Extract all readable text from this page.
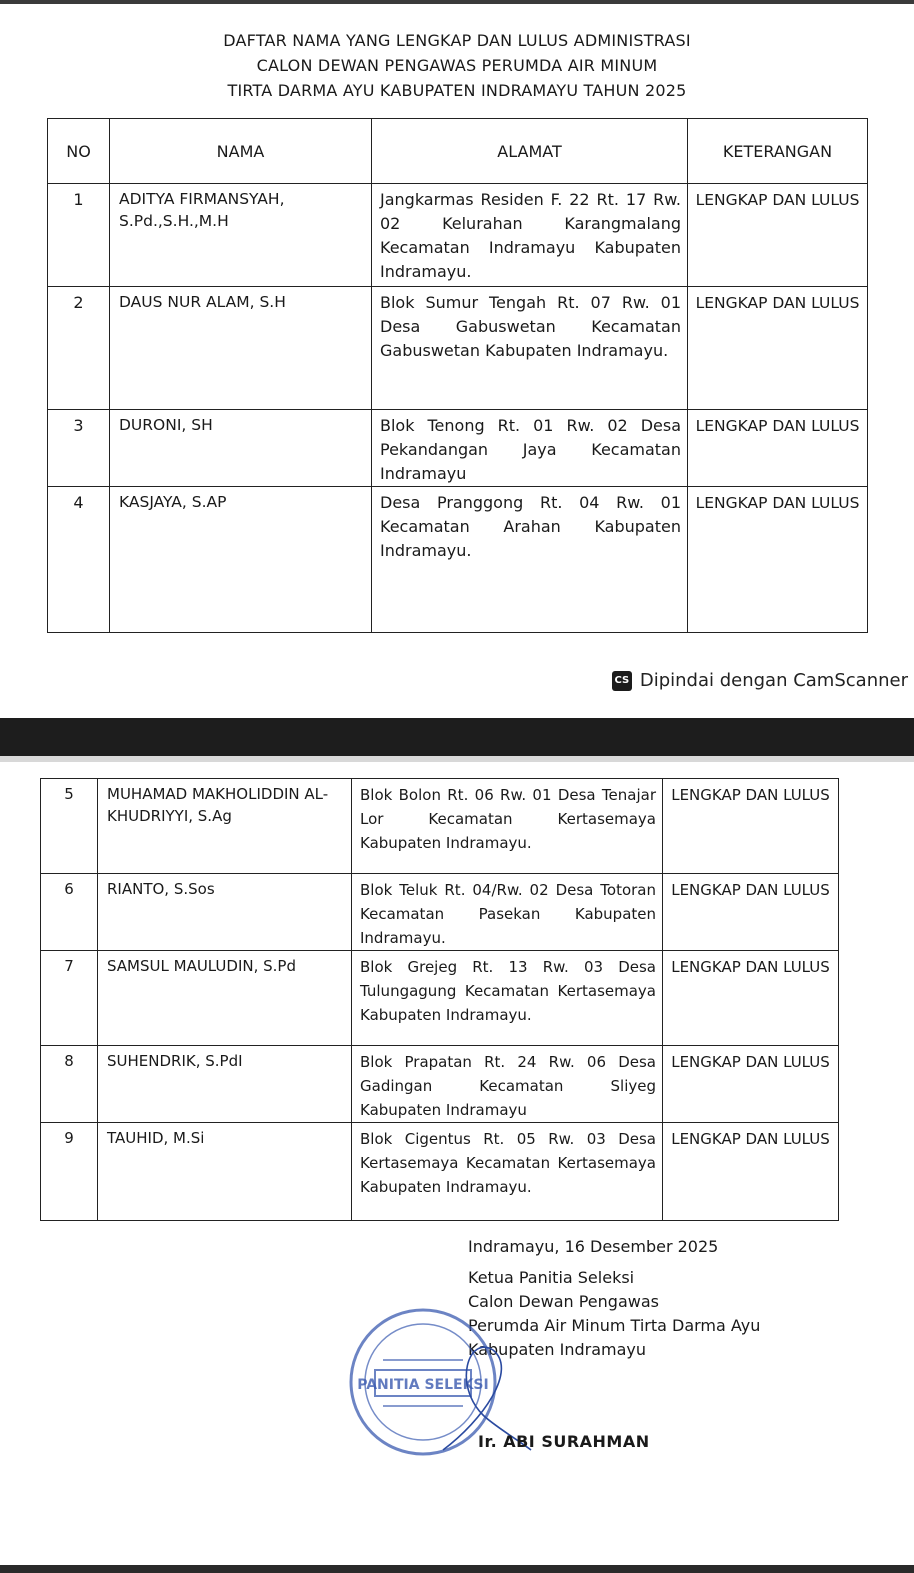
DAFTAR NAMA YANG LENGKAP DAN LULUS ADMINISTRASI
CALON DEWAN PENGAWAS PERUMDA AIR MINUM
TIRTA DARMA AYU KABUPATEN INDRAMAYU TAHUN 2025
NO	NAMA	ALAMAT	KETERANGAN
1	ADITYA FIRMANSYAH, S.Pd.,S.H.,M.H	Jangkarmas Residen F. 22 Rt. 17 Rw. 02 Kelurahan Karangmalang Kecamatan Indramayu Kabupaten Indramayu.	LENGKAP DAN LULUS
2	DAUS NUR ALAM, S.H	Blok Sumur Tengah Rt. 07 Rw. 01 Desa Gabuswetan Kecamatan Gabuswetan Kabupaten Indramayu.	LENGKAP DAN LULUS
3	DURONI, SH	Blok Tenong Rt. 01 Rw. 02 Desa Pekandangan Jaya Kecamatan Indramayu	LENGKAP DAN LULUS
4	KASJAYA, S.AP	Desa Pranggong Rt. 04 Rw. 01 Kecamatan Arahan Kabupaten Indramayu.	LENGKAP DAN LULUS
CS Dipindai dengan CamScanner
5	MUHAMAD MAKHOLIDDIN AL-KHUDRIYYI, S.Ag	Blok Bolon Rt. 06 Rw. 01 Desa Tenajar Lor Kecamatan Kertasemaya Kabupaten Indramayu.	LENGKAP DAN LULUS
6	RIANTO, S.Sos	Blok Teluk Rt. 04/Rw. 02 Desa Totoran Kecamatan Pasekan Kabupaten Indramayu.	LENGKAP DAN LULUS
7	SAMSUL MAULUDIN, S.Pd	Blok Grejeg Rt. 13 Rw. 03 Desa Tulungagung Kecamatan Kertasemaya Kabupaten Indramayu.	LENGKAP DAN LULUS
8	SUHENDRIK, S.PdI	Blok Prapatan Rt. 24 Rw. 06 Desa Gadingan Kecamatan Sliyeg Kabupaten Indramayu	LENGKAP DAN LULUS
9	TAUHID, M.Si	Blok Cigentus Rt. 05 Rw. 03 Desa Kertasemaya Kecamatan Kertasemaya Kabupaten Indramayu.	LENGKAP DAN LULUS
Indramayu, 16 Desember 2025
Ketua Panitia Seleksi
Calon Dewan Pengawas
Perumda Air Minum Tirta Darma Ayu
Kabupaten Indramayu
PANITIA SELEKSI
Ir. ABI SURAHMAN
